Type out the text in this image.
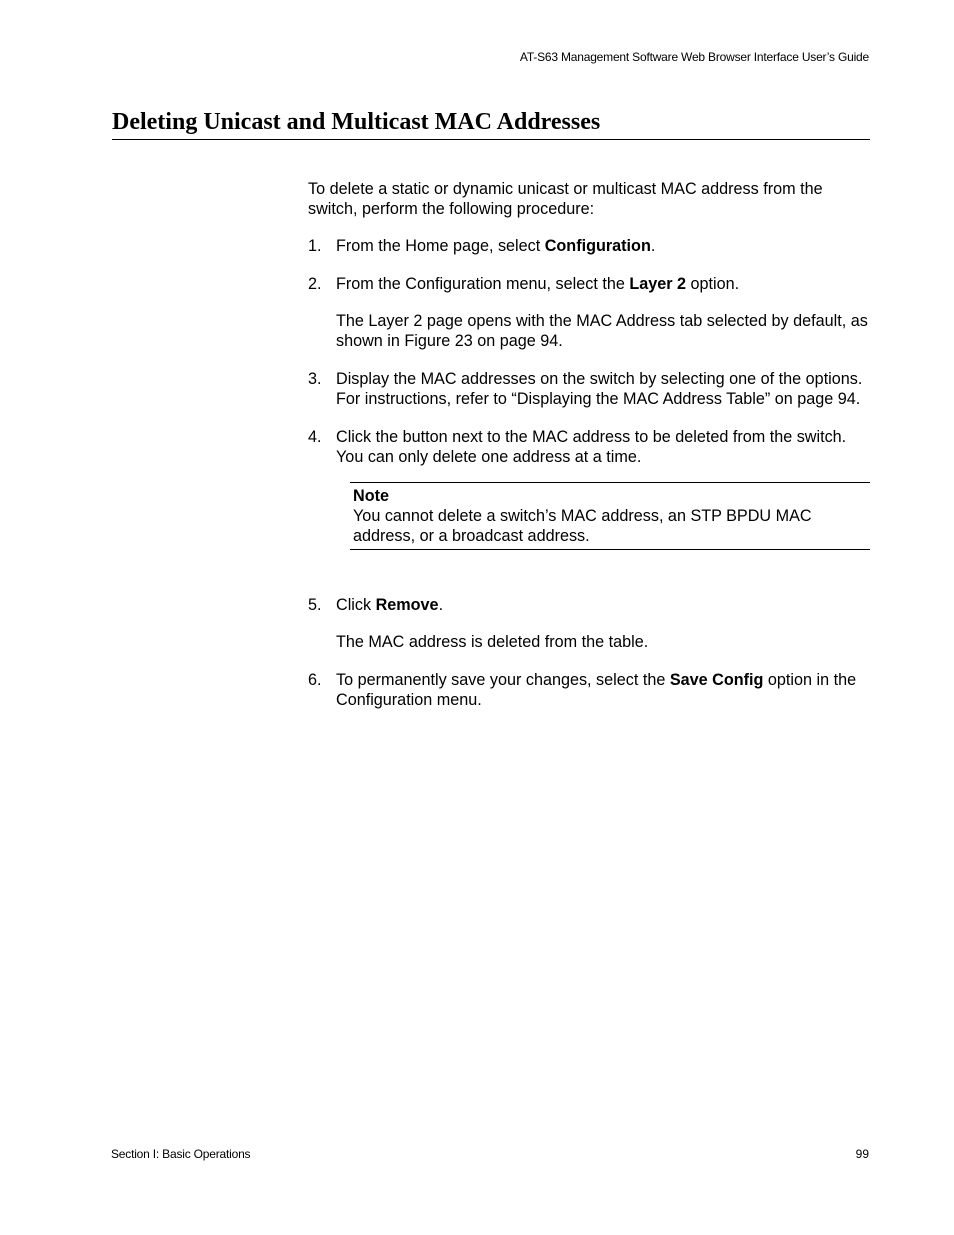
AT-S63 Management Software Web Browser Interface User’s Guide
Deleting Unicast and Multicast MAC Addresses

To delete a static or dynamic unicast or multicast MAC address from the switch, perform the following procedure:

1. From the Home page, select Configuration.

2. From the Configuration menu, select the Layer 2 option.

The Layer 2 page opens with the MAC Address tab selected by default, as shown in Figure 23 on page 94.

3. Display the MAC addresses on the switch by selecting one of the options. For instructions, refer to “Displaying the MAC Address Table” on page 94.

4. Click the button next to the MAC address to be deleted from the switch. You can only delete one address at a time.

Note
You cannot delete a switch’s MAC address, an STP BPDU MAC address, or a broadcast address.
5. Click Remove.

The MAC address is deleted from the table.

6. To permanently save your changes, select the Save Config option in the Configuration menu.

Section I: Basic Operations	99
